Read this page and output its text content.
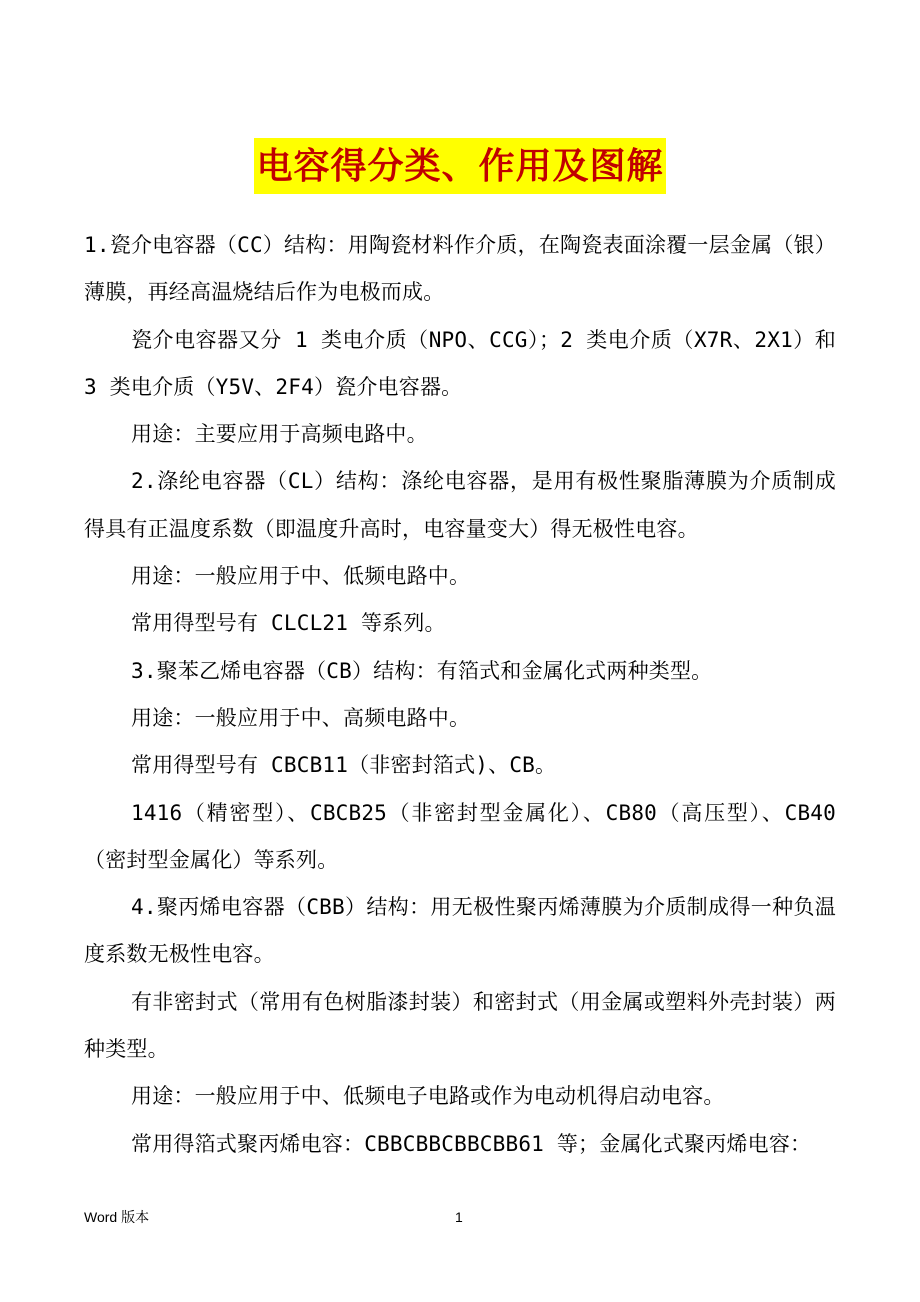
电容得分类、作用及图解

1.瓷介电容器（CC）结构：用陶瓷材料作介质，在陶瓷表面涂覆一层金属（银）薄膜，再经高温烧结后作为电极而成。

瓷介电容器又分 1 类电介质（NPO、CCG）；2 类电介质（X7R、2X1）和 3 类电介质（Y5V、2F4）瓷介电容器。

用途：主要应用于高频电路中。

2.涤纶电容器（CL）结构：涤纶电容器，是用有极性聚脂薄膜为介质制成得具有正温度系数（即温度升高时，电容量变大）得无极性电容。

用途：一般应用于中、低频电路中。

常用得型号有 CLCL21 等系列。

3.聚苯乙烯电容器（CB）结构：有箔式和金属化式两种类型。

用途：一般应用于中、高频电路中。

常用得型号有 CBCB11（非密封箔式)、CB。

1416（精密型）、CBCB25（非密封型金属化）、CB80（高压型）、CB40（密封型金属化）等系列。

4.聚丙烯电容器（CBB）结构：用无极性聚丙烯薄膜为介质制成得一种负温度系数无极性电容。

有非密封式（常用有色树脂漆封装）和密封式（用金属或塑料外壳封装）两种类型。

用途：一般应用于中、低频电子电路或作为电动机得启动电容。

常用得箔式聚丙烯电容：CBBCBBCBBCBB61 等；金属化式聚丙烯电容：

Word 版本	1
